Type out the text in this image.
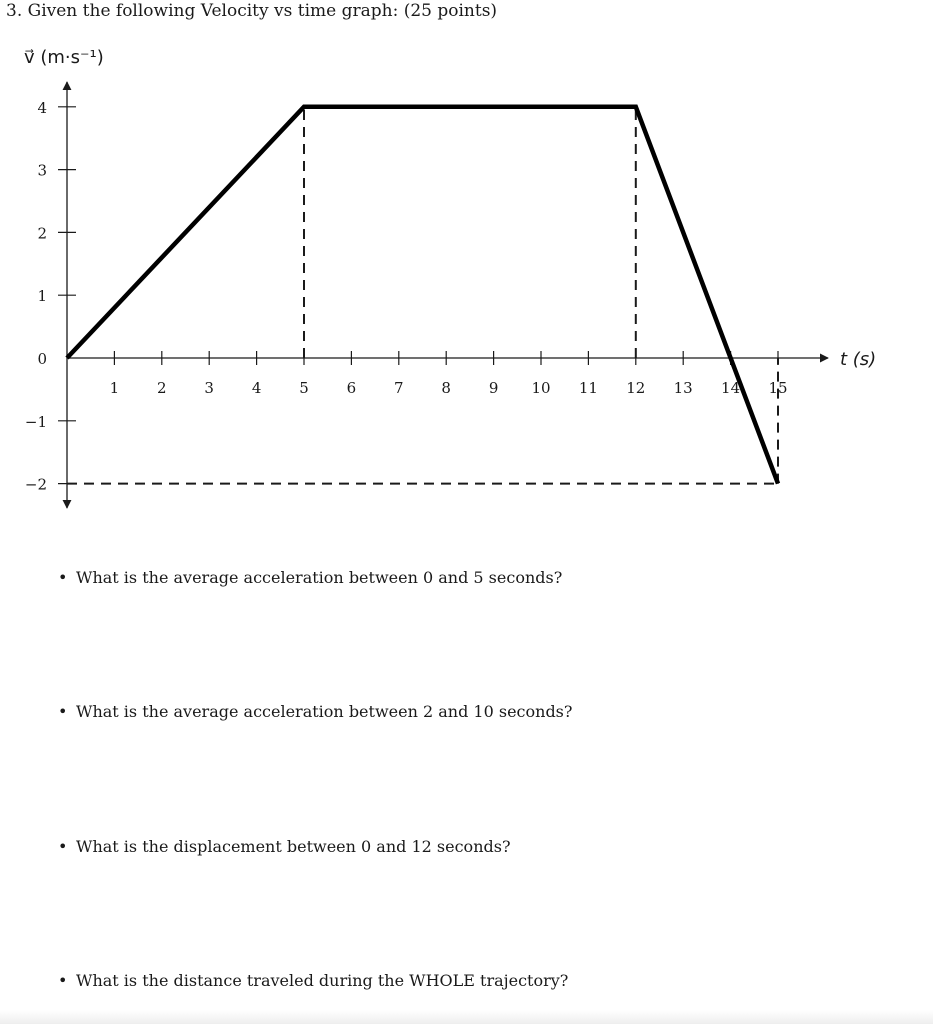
3. Given the following Velocity vs time graph: (25 points)
1	2	3	4	5	6	7	8	9 10 11 12 13 14 15
−2
−1
0
1
2
3
4
v⃗ (m·s⁻¹)
t (s)
• What is the average acceleration between 0 and 5 seconds?
• What is the average acceleration between 2 and 10 seconds?
• What is the displacement between 0 and 12 seconds?
• What is the distance traveled during the WHOLE trajectory?
